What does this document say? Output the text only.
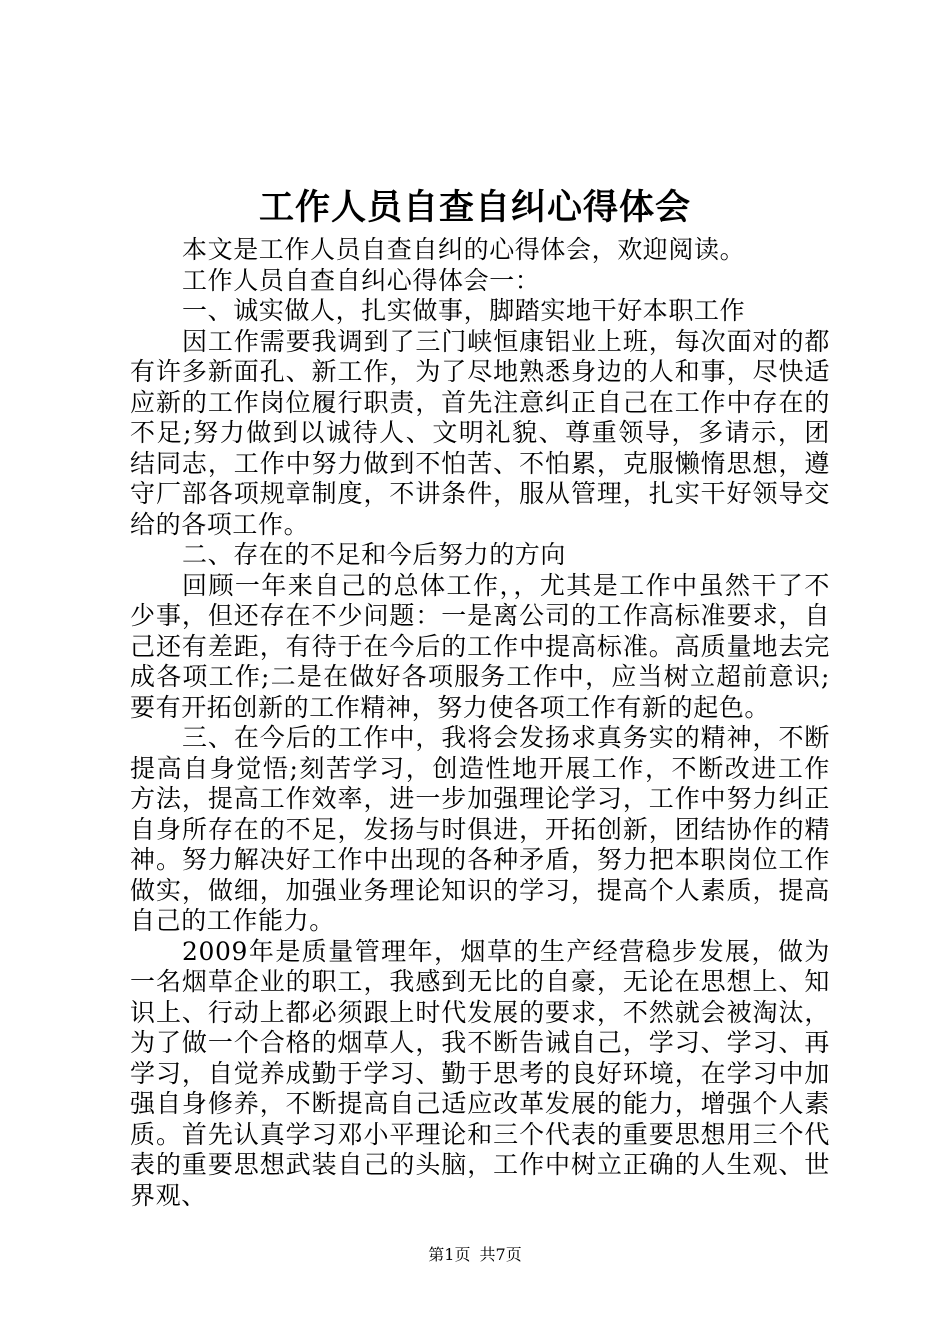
工作人员自查自纠心得体会

本文是工作人员自查自纠的心得体会，欢迎阅读。

工作人员自查自纠心得体会一：

一、诚实做人，扎实做事，脚踏实地干好本职工作

因工作需要我调到了三门峡恒康铝业上班，每次面对的都有许多新面孔、新工作，为了尽地熟悉身边的人和事，尽快适应新的工作岗位履行职责，首先注意纠正自己在工作中存在的不足;努力做到以诚待人、文明礼貌、尊重领导，多请示，团结同志，工作中努力做到不怕苦、不怕累，克服懒惰思想，遵守厂部各项规章制度，不讲条件，服从管理，扎实干好领导交给的各项工作。

二、存在的不足和今后努力的方向

回顾一年来自己的总体工作，，尤其是工作中虽然干了不少事，但还存在不少问题：一是离公司的工作高标准要求，自己还有差距，有待于在今后的工作中提高标准。高质量地去完成各项工作;二是在做好各项服务工作中，应当树立超前意识;要有开拓创新的工作精神，努力使各项工作有新的起色。

三、在今后的工作中，我将会发扬求真务实的精神，不断提高自身觉悟;刻苦学习，创造性地开展工作，不断改进工作方法，提高工作效率，进一步加强理论学习，工作中努力纠正自身所存在的不足，发扬与时俱进，开拓创新，团结协作的精神。努力解决好工作中出现的各种矛盾，努力把本职岗位工作做实，做细，加强业务理论知识的学习，提高个人素质，提高自己的工作能力。

2009年是质量管理年，烟草的生产经营稳步发展，做为一名烟草企业的职工，我感到无比的自豪，无论在思想上、知识上、行动上都必须跟上时代发展的要求，不然就会被淘汰，为了做一个合格的烟草人，我不断告诫自己，学习、学习、再学习，自觉养成勤于学习、勤于思考的良好环境，在学习中加强自身修养，不断提高自己适应改革发展的能力，增强个人素质。首先认真学习邓小平理论和三个代表的重要思想用三个代表的重要思想武装自己的头脑，工作中树立正确的人生观、世界观、

第1页 共7页
